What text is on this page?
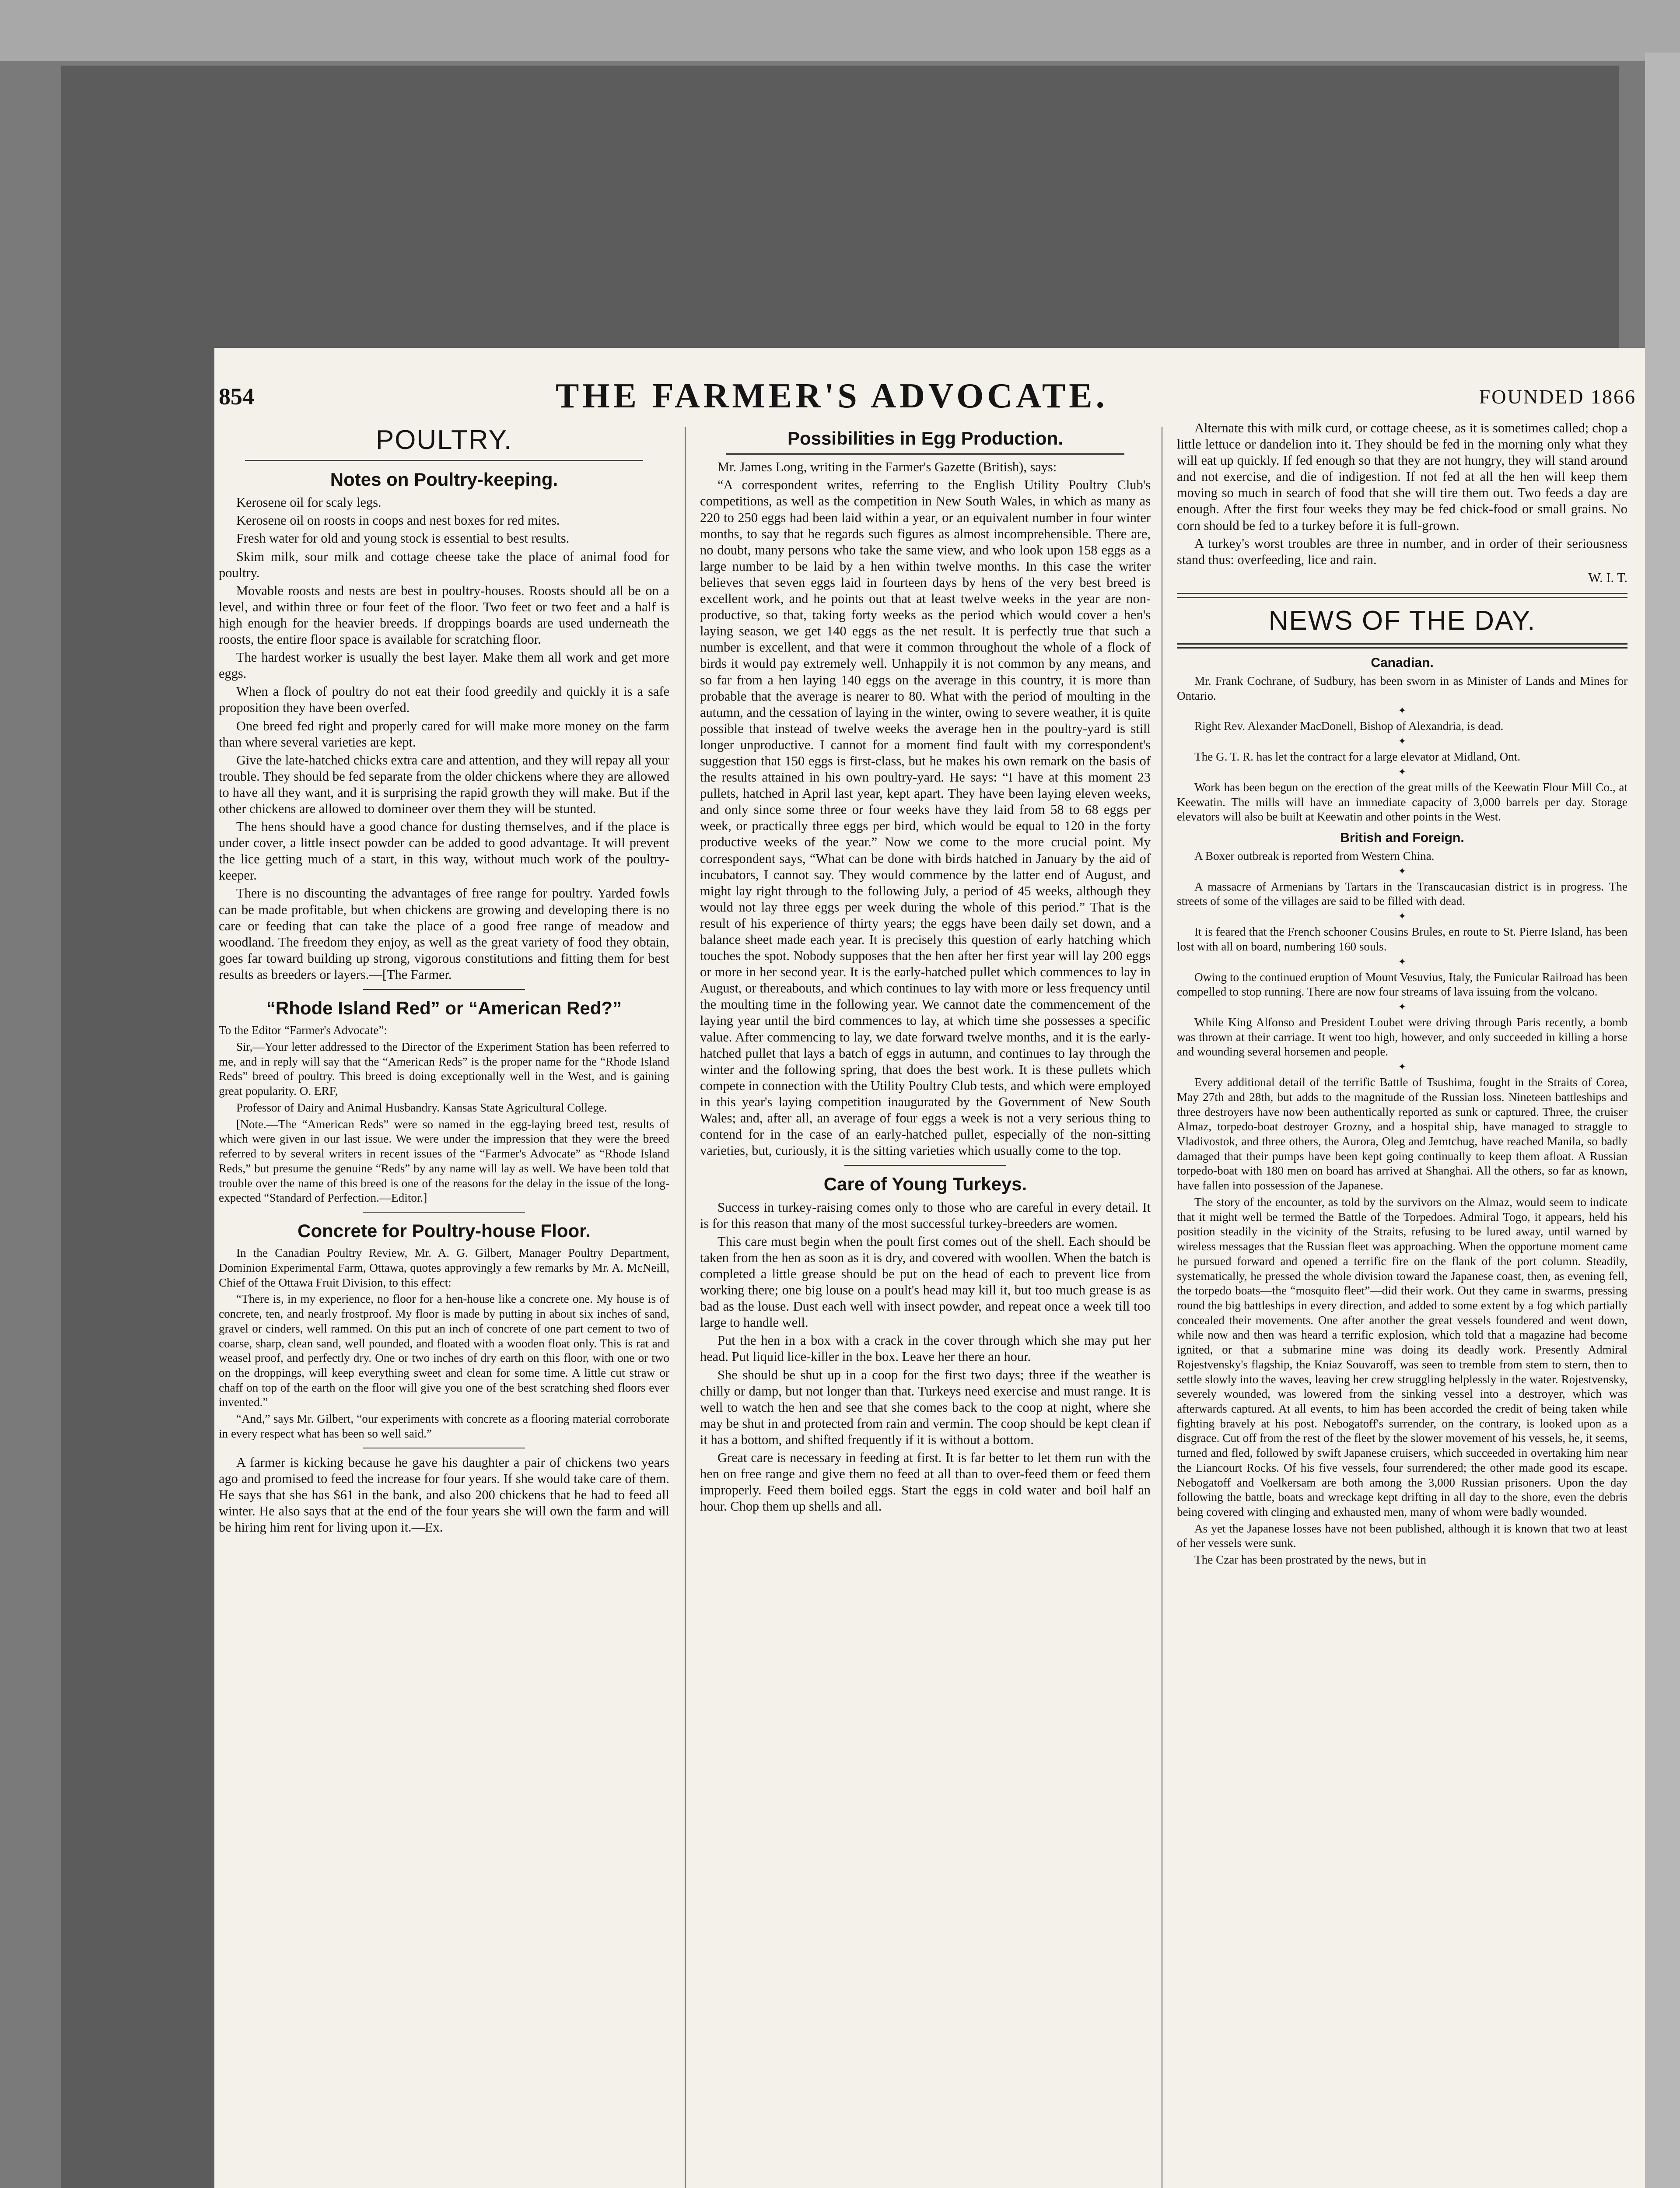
854	THE FARMER'S ADVOCATE.	FOUNDED 1866
POULTRY.
Notes on Poultry-keeping.

Kerosene oil for scaly legs.

Kerosene oil on roosts in coops and nest boxes for red mites.

Fresh water for old and young stock is essential to best results.

Skim milk, sour milk and cottage cheese take the place of animal food for poultry.

Movable roosts and nests are best in poultry-houses. Roosts should all be on a level, and within three or four feet of the floor. Two feet or two feet and a half is high enough for the heavier breeds. If droppings boards are used underneath the roosts, the entire floor space is available for scratching floor.

The hardest worker is usually the best layer. Make them all work and get more eggs.

When a flock of poultry do not eat their food greedily and quickly it is a safe proposition they have been overfed.

One breed fed right and properly cared for will make more money on the farm than where several varieties are kept.

Give the late-hatched chicks extra care and attention, and they will repay all your trouble. They should be fed separate from the older chickens where they are allowed to have all they want, and it is surprising the rapid growth they will make. But if the other chickens are allowed to domineer over them they will be stunted.

The hens should have a good chance for dusting themselves, and if the place is under cover, a little insect powder can be added to good advantage. It will prevent the lice getting much of a start, in this way, without much work of the poultry-keeper.

There is no discounting the advantages of free range for poultry. Yarded fowls can be made profitable, but when chickens are growing and developing there is no care or feeding that can take the place of a good free range of meadow and woodland. The freedom they enjoy, as well as the great variety of food they obtain, goes far toward building up strong, vigorous constitutions and fitting them for best results as breeders or layers.—[The Farmer.

“Rhode Island Red” or “American Red?”

To the Editor “Farmer's Advocate”:

Sir,—Your letter addressed to the Director of the Experiment Station has been referred to me, and in reply will say that the “American Reds” is the proper name for the “Rhode Island Reds” breed of poultry. This breed is doing exceptionally well in the West, and is gaining great popularity. O. ERF,

Professor of Dairy and Animal Husbandry. Kansas State Agricultural College.

[Note.—The “American Reds” were so named in the egg-laying breed test, results of which were given in our last issue. We were under the impression that they were the breed referred to by several writers in recent issues of the “Farmer's Advocate” as “Rhode Island Reds,” but presume the genuine “Reds” by any name will lay as well. We have been told that trouble over the name of this breed is one of the reasons for the delay in the issue of the long-expected “Standard of Perfection.—Editor.]

Concrete for Poultry-house Floor.

In the Canadian Poultry Review, Mr. A. G. Gilbert, Manager Poultry Department, Dominion Experimental Farm, Ottawa, quotes approvingly a few remarks by Mr. A. McNeill, Chief of the Ottawa Fruit Division, to this effect:

“There is, in my experience, no floor for a hen-house like a concrete one. My house is of concrete, ten, and nearly frostproof. My floor is made by putting in about six inches of sand, gravel or cinders, well rammed. On this put an inch of concrete of one part cement to two of coarse, sharp, clean sand, well pounded, and floated with a wooden float only. This is rat and weasel proof, and perfectly dry. One or two inches of dry earth on this floor, with one or two on the droppings, will keep everything sweet and clean for some time. A little cut straw or chaff on top of the earth on the floor will give you one of the best scratching shed floors ever invented.”

“And,” says Mr. Gilbert, “our experiments with concrete as a flooring material corroborate in every respect what has been so well said.”

A farmer is kicking because he gave his daughter a pair of chickens two years ago and promised to feed the increase for four years. If she would take care of them. He says that she has $61 in the bank, and also 200 chickens that he had to feed all winter. He also says that at the end of the four years she will own the farm and will be hiring him rent for living upon it.—Ex.

Possibilities in Egg Production.

Mr. James Long, writing in the Farmer's Gazette (British), says:

“A correspondent writes, referring to the English Utility Poultry Club's competitions, as well as the competition in New South Wales, in which as many as 220 to 250 eggs had been laid within a year, or an equivalent number in four winter months, to say that he regards such figures as almost incomprehensible. There are, no doubt, many persons who take the same view, and who look upon 158 eggs as a large number to be laid by a hen within twelve months. In this case the writer believes that seven eggs laid in fourteen days by hens of the very best breed is excellent work, and he points out that at least twelve weeks in the year are non-productive, so that, taking forty weeks as the period which would cover a hen's laying season, we get 140 eggs as the net result. It is perfectly true that such a number is excellent, and that were it common throughout the whole of a flock of birds it would pay extremely well. Unhappily it is not common by any means, and so far from a hen laying 140 eggs on the average in this country, it is more than probable that the average is nearer to 80. What with the period of moulting in the autumn, and the cessation of laying in the winter, owing to severe weather, it is quite possible that instead of twelve weeks the average hen in the poultry-yard is still longer unproductive. I cannot for a moment find fault with my correspondent's suggestion that 150 eggs is first-class, but he makes his own remark on the basis of the results attained in his own poultry-yard. He says: “I have at this moment 23 pullets, hatched in April last year, kept apart. They have been laying eleven weeks, and only since some three or four weeks have they laid from 58 to 68 eggs per week, or practically three eggs per bird, which would be equal to 120 in the forty productive weeks of the year.” Now we come to the more crucial point. My correspondent says, “What can be done with birds hatched in January by the aid of incubators, I cannot say. They would commence by the latter end of August, and might lay right through to the following July, a period of 45 weeks, although they would not lay three eggs per week during the whole of this period.” That is the result of his experience of thirty years; the eggs have been daily set down, and a balance sheet made each year. It is precisely this question of early hatching which touches the spot. Nobody supposes that the hen after her first year will lay 200 eggs or more in her second year. It is the early-hatched pullet which commences to lay in August, or thereabouts, and which continues to lay with more or less frequency until the moulting time in the following year. We cannot date the commencement of the laying year until the bird commences to lay, at which time she possesses a specific value. After commencing to lay, we date forward twelve months, and it is the early-hatched pullet that lays a batch of eggs in autumn, and continues to lay through the winter and the following spring, that does the best work. It is these pullets which compete in connection with the Utility Poultry Club tests, and which were employed in this year's laying competition inaugurated by the Government of New South Wales; and, after all, an average of four eggs a week is not a very serious thing to contend for in the case of an early-hatched pullet, especially of the non-sitting varieties, but, curiously, it is the sitting varieties which usually come to the top.

Care of Young Turkeys.

Success in turkey-raising comes only to those who are careful in every detail. It is for this reason that many of the most successful turkey-breeders are women.

This care must begin when the poult first comes out of the shell. Each should be taken from the hen as soon as it is dry, and covered with woollen. When the batch is completed a little grease should be put on the head of each to prevent lice from working there; one big louse on a poult's head may kill it, but too much grease is as bad as the louse. Dust each well with insect powder, and repeat once a week till too large to handle well.

Put the hen in a box with a crack in the cover through which she may put her head. Put liquid lice-killer in the box. Leave her there an hour.

She should be shut up in a coop for the first two days; three if the weather is chilly or damp, but not longer than that. Turkeys need exercise and must range. It is well to watch the hen and see that she comes back to the coop at night, where she may be shut in and protected from rain and vermin. The coop should be kept clean if it has a bottom, and shifted frequently if it is without a bottom.

Great care is necessary in feeding at first. It is far better to let them run with the hen on free range and give them no feed at all than to over-feed them or feed them improperly. Feed them boiled eggs. Start the eggs in cold water and boil half an hour. Chop them up shells and all.

Alternate this with milk curd, or cottage cheese, as it is sometimes called; chop a little lettuce or dandelion into it. They should be fed in the morning only what they will eat up quickly. If fed enough so that they are not hungry, they will stand around and not exercise, and die of indigestion. If not fed at all the hen will keep them moving so much in search of food that she will tire them out. Two feeds a day are enough. After the first four weeks they may be fed chick-food or small grains. No corn should be fed to a turkey before it is full-grown.

A turkey's worst troubles are three in number, and in order of their seriousness stand thus: overfeeding, lice and rain.

W. I. T.

NEWS OF THE DAY.
Canadian.

Mr. Frank Cochrane, of Sudbury, has been sworn in as Minister of Lands and Mines for Ontario.

✦

Right Rev. Alexander MacDonell, Bishop of Alexandria, is dead.

✦

The G. T. R. has let the contract for a large elevator at Midland, Ont.

✦

Work has been begun on the erection of the great mills of the Keewatin Flour Mill Co., at Keewatin. The mills will have an immediate capacity of 3,000 barrels per day. Storage elevators will also be built at Keewatin and other points in the West.

British and Foreign.

A Boxer outbreak is reported from Western China.

✦

A massacre of Armenians by Tartars in the Transcaucasian district is in progress. The streets of some of the villages are said to be filled with dead.

✦

It is feared that the French schooner Cousins Brules, en route to St. Pierre Island, has been lost with all on board, numbering 160 souls.

✦

Owing to the continued eruption of Mount Vesuvius, Italy, the Funicular Railroad has been compelled to stop running. There are now four streams of lava issuing from the volcano.

✦

While King Alfonso and President Loubet were driving through Paris recently, a bomb was thrown at their carriage. It went too high, however, and only succeeded in killing a horse and wounding several horsemen and people.

✦

Every additional detail of the terrific Battle of Tsushima, fought in the Straits of Corea, May 27th and 28th, but adds to the magnitude of the Russian loss. Nineteen battleships and three destroyers have now been authentically reported as sunk or captured. Three, the cruiser Almaz, torpedo-boat destroyer Grozny, and a hospital ship, have managed to straggle to Vladivostok, and three others, the Aurora, Oleg and Jemtchug, have reached Manila, so badly damaged that their pumps have been kept going continually to keep them afloat. A Russian torpedo-boat with 180 men on board has arrived at Shanghai. All the others, so far as known, have fallen into possession of the Japanese.

The story of the encounter, as told by the survivors on the Almaz, would seem to indicate that it might well be termed the Battle of the Torpedoes. Admiral Togo, it appears, held his position steadily in the vicinity of the Straits, refusing to be lured away, until warned by wireless messages that the Russian fleet was approaching. When the opportune moment came he pursued forward and opened a terrific fire on the flank of the port column. Steadily, systematically, he pressed the whole division toward the Japanese coast, then, as evening fell, the torpedo boats—the “mosquito fleet”—did their work. Out they came in swarms, pressing round the big battleships in every direction, and added to some extent by a fog which partially concealed their movements. One after another the great vessels foundered and went down, while now and then was heard a terrific explosion, which told that a magazine had become ignited, or that a submarine mine was doing its deadly work. Presently Admiral Rojestvensky's flagship, the Kniaz Souvaroff, was seen to tremble from stem to stern, then to settle slowly into the waves, leaving her crew struggling helplessly in the water. Rojestvensky, severely wounded, was lowered from the sinking vessel into a destroyer, which was afterwards captured. At all events, to him has been accorded the credit of being taken while fighting bravely at his post. Nebogatoff's surrender, on the contrary, is looked upon as a disgrace. Cut off from the rest of the fleet by the slower movement of his vessels, he, it seems, turned and fled, followed by swift Japanese cruisers, which succeeded in overtaking him near the Liancourt Rocks. Of his five vessels, four surrendered; the other made good its escape. Nebogatoff and Voelkersam are both among the 3,000 Russian prisoners. Upon the day following the battle, boats and wreckage kept drifting in all day to the shore, even the debris being covered with clinging and exhausted men, many of whom were badly wounded.

As yet the Japanese losses have not been published, although it is known that two at least of her vessels were sunk.

The Czar has been prostrated by the news, but in
